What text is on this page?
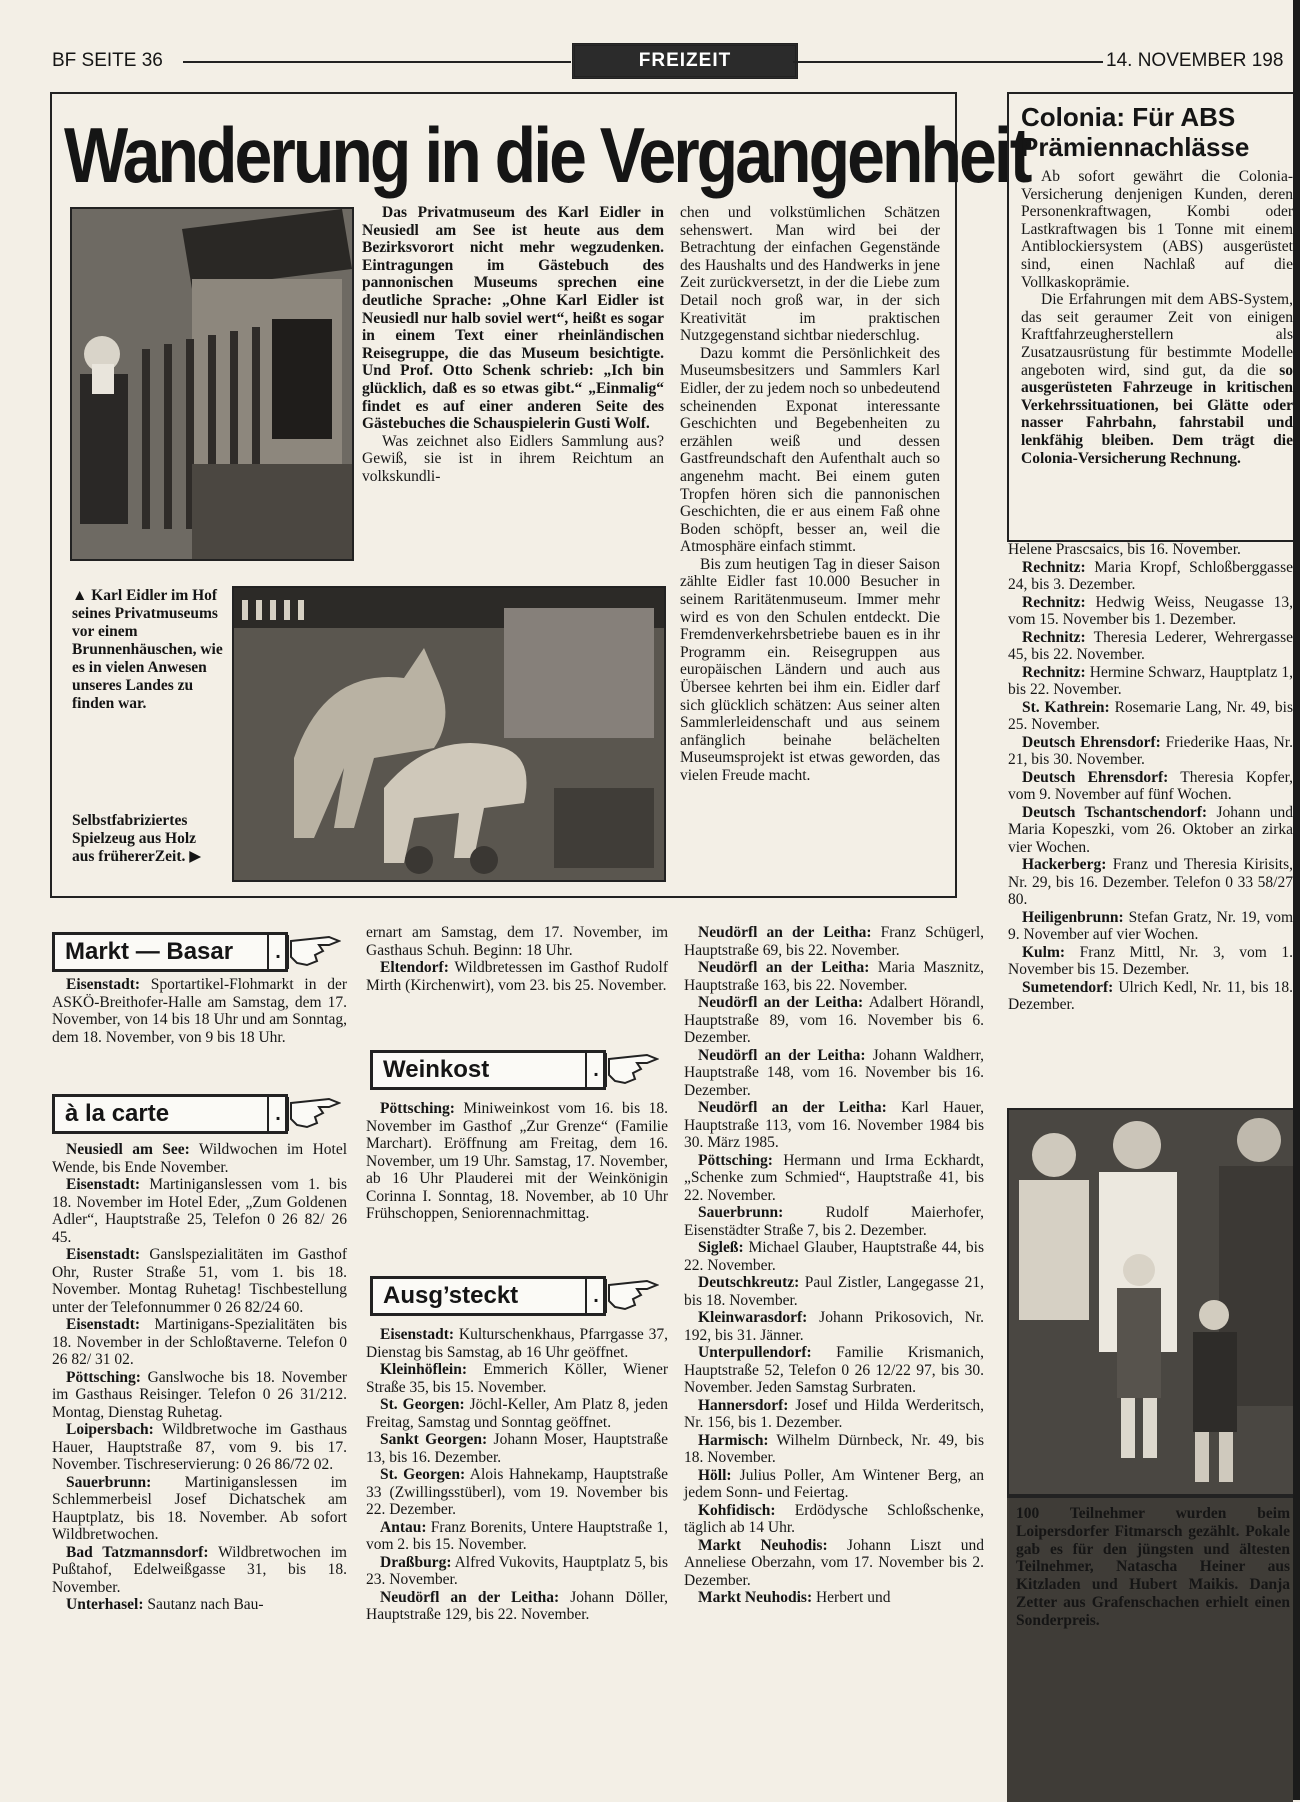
BF SEITE 36	FREIZEIT	14. NOVEMBER 198
Wanderung in die Vergangenheit
▲ Karl Eidler im Hof seines Privatmuseums vor einem Brunnenhäuschen, wie es in vielen Anwesen unseres Landes zu finden war.
Selbstfabriziertes Spielzeug aus Holz aus frühererZeit. ▶

Das Privatmuseum des Karl Eidler in Neusiedl am See ist heute aus dem Bezirksvorort nicht mehr wegzudenken. Eintragungen im Gästebuch des pannonischen Museums sprechen eine deutliche Sprache: „Ohne Karl Eidler ist Neusiedl nur halb soviel wert“, heißt es sogar in einem Text einer rheinländischen Reisegruppe, die das Museum besichtigte. Und Prof. Otto Schenk schrieb: „Ich bin glücklich, daß es so etwas gibt.“ „Einmalig“ findet es auf einer anderen Seite des Gästebuches die Schauspielerin Gusti Wolf.

Was zeichnet also Eidlers Sammlung aus? Gewiß, sie ist in ihrem Reichtum an volkskundli-

chen und volkstümlichen Schätzen sehenswert. Man wird bei der Betrachtung der einfachen Gegenstände des Haushalts und des Handwerks in jene Zeit zurückversetzt, in der die Liebe zum Detail noch groß war, in der sich Kreativität im praktischen Nutzgegenstand sichtbar niederschlug.

Dazu kommt die Persönlichkeit des Museumsbesitzers und Sammlers Karl Eidler, der zu jedem noch so unbedeutend scheinenden Exponat interessante Geschichten und Begebenheiten zu erzählen weiß und dessen Gastfreundschaft den Aufenthalt auch so angenehm macht. Bei einem guten Tropfen hören sich die pannonischen Geschichten, die er aus einem Faß ohne Boden schöpft, besser an, weil die Atmosphäre einfach stimmt.

Bis zum heutigen Tag in dieser Saison zählte Eidler fast 10.000 Besucher in seinem Raritätenmuseum. Immer mehr wird es von den Schulen entdeckt. Die Fremdenverkehrsbetriebe bauen es in ihr Programm ein. Reisegruppen aus europäischen Ländern und auch aus Übersee kehrten bei ihm ein. Eidler darf sich glücklich schätzen: Aus seiner alten Sammlerleidenschaft und aus seinem anfänglich beinahe belächelten Museumsprojekt ist etwas geworden, das vielen Freude macht.

Colonia: Für ABS Prämiennachlässe

Ab sofort gewährt die Colonia-Versicherung denjenigen Kunden, deren Personenkraftwagen, Kombi oder Lastkraftwagen bis 1 Tonne mit einem Antiblockiersystem (ABS) ausgerüstet sind, einen Nachlaß auf die Vollkaskoprämie.

Die Erfahrungen mit dem ABS-System, das seit geraumer Zeit von einigen Kraftfahrzeugherstellern als Zusatzausrüstung für bestimmte Modelle angeboten wird, sind gut, da die so ausgerüsteten Fahrzeuge in kritischen Verkehrssituationen, bei Glätte oder nasser Fahrbahn, fahrstabil und lenkfähig bleiben. Dem trägt die Colonia-Versicherung Rechnung.

Markt — Basar	.

Eisenstadt: Sportartikel-Flohmarkt in der ASKÖ-Breithofer-Halle am Samstag, dem 17. November, von 14 bis 18 Uhr und am Sonntag, dem 18. November, von 9 bis 18 Uhr.

à la carte	.

Neusiedl am See: Wildwochen im Hotel Wende, bis Ende November.

Eisenstadt: Martiniganslessen vom 1. bis 18. November im Hotel Eder, „Zum Goldenen Adler“, Hauptstraße 25, Telefon 0 26 82/ 26 45.

Eisenstadt: Ganslspezialitäten im Gasthof Ohr, Ruster Straße 51, vom 1. bis 18. November. Montag Ruhetag! Tischbestellung unter der Telefonnummer 0 26 82/24 60.

Eisenstadt: Martinigans-Spezialitäten bis 18. November in der Schloßtaverne. Telefon 0 26 82/ 31 02.

Pöttsching: Ganslwoche bis 18. November im Gasthaus Reisinger. Telefon 0 26 31/212. Montag, Dienstag Ruhetag.

Loipersbach: Wildbretwoche im Gasthaus Hauer, Hauptstraße 87, vom 9. bis 17. November. Tischreservierung: 0 26 86/72 02.

Sauerbrunn: Martiniganslessen im Schlemmerbeisl Josef Dichatschek am Hauptplatz, bis 18. November. Ab sofort Wildbretwochen.

Bad Tatzmannsdorf: Wildbretwochen im Pußtahof, Edelweißgasse 31, bis 18. November.

Unterhasel: Sautanz nach Bau-

ernart am Samstag, dem 17. November, im Gasthaus Schuh. Beginn: 18 Uhr.

Eltendorf: Wildbretessen im Gasthof Rudolf Mirth (Kirchenwirt), vom 23. bis 25. November.

Weinkost	.

Pöttsching: Miniweinkost vom 16. bis 18. November im Gasthof „Zur Grenze“ (Familie Marchart). Eröffnung am Freitag, dem 16. November, um 19 Uhr. Samstag, 17. November, ab 16 Uhr Plauderei mit der Weinkönigin Corinna I. Sonntag, 18. November, ab 10 Uhr Frühschoppen, Seniorennachmittag.

Ausg’steckt	.

Eisenstadt: Kulturschenkhaus, Pfarrgasse 37, Dienstag bis Samstag, ab 16 Uhr geöffnet.

Kleinhöflein: Emmerich Köller, Wiener Straße 35, bis 15. November.

St. Georgen: Jöchl-Keller, Am Platz 8, jeden Freitag, Samstag und Sonntag geöffnet.

Sankt Georgen: Johann Moser, Hauptstraße 13, bis 16. Dezember.

St. Georgen: Alois Hahnekamp, Hauptstraße 33 (Zwillingsstüberl), vom 19. November bis 22. Dezember.

Antau: Franz Borenits, Untere Hauptstraße 1, vom 2. bis 15. November.

Draßburg: Alfred Vukovits, Hauptplatz 5, bis 23. November.

Neudörfl an der Leitha: Johann Döller, Hauptstraße 129, bis 22. November.

Neudörfl an der Leitha: Franz Schügerl, Hauptstraße 69, bis 22. November.

Neudörfl an der Leitha: Maria Masznitz, Hauptstraße 163, bis 22. November.

Neudörfl an der Leitha: Adalbert Hörandl, Hauptstraße 89, vom 16. November bis 6. Dezember.

Neudörfl an der Leitha: Johann Waldherr, Hauptstraße 148, vom 16. November bis 16. Dezember.

Neudörfl an der Leitha: Karl Hauer, Hauptstraße 113, vom 16. November 1984 bis 30. März 1985.

Pöttsching: Hermann und Irma Eckhardt, „Schenke zum Schmied“, Hauptstraße 41, bis 22. November.

Sauerbrunn: Rudolf Maierhofer, Eisenstädter Straße 7, bis 2. Dezember.

Sigleß: Michael Glauber, Hauptstraße 44, bis 22. November.

Deutschkreutz: Paul Zistler, Langegasse 21, bis 18. November.

Kleinwarasdorf: Johann Prikosovich, Nr. 192, bis 31. Jänner.

Unterpullendorf: Familie Krismanich, Hauptstraße 52, Telefon 0 26 12/22 97, bis 30. November. Jeden Samstag Surbraten.

Hannersdorf: Josef und Hilda Werderitsch, Nr. 156, bis 1. Dezember.

Harmisch: Wilhelm Dürnbeck, Nr. 49, bis 18. November.

Höll: Julius Poller, Am Wintener Berg, an jedem Sonn- und Feiertag.

Kohfidisch: Erdödysche Schloßschenke, täglich ab 14 Uhr.

Markt Neuhodis: Johann Liszt und Anneliese Oberzahn, vom 17. November bis 2. Dezember.

Markt Neuhodis: Herbert und

Helene Prascsaics, bis 16. November.

Rechnitz: Maria Kropf, Schloßberggasse 24, bis 3. Dezember.

Rechnitz: Hedwig Weiss, Neugasse 13, vom 15. November bis 1. Dezember.

Rechnitz: Theresia Lederer, Wehrergasse 45, bis 22. November.

Rechnitz: Hermine Schwarz, Hauptplatz 1, bis 22. November.

St. Kathrein: Rosemarie Lang, Nr. 49, bis 25. November.

Deutsch Ehrensdorf: Friederike Haas, Nr. 21, bis 30. November.

Deutsch Ehrensdorf: Theresia Kopfer, vom 9. November auf fünf Wochen.

Deutsch Tschantschendorf: Johann und Maria Kopeszki, vom 26. Oktober an zirka vier Wochen.

Hackerberg: Franz und Theresia Kirisits, Nr. 29, bis 16. Dezember. Telefon 0 33 58/27 80.

Heiligenbrunn: Stefan Gratz, Nr. 19, vom 9. November auf vier Wochen.

Kulm: Franz Mittl, Nr. 3, vom 1. November bis 15. Dezember.

Sumetendorf: Ulrich Kedl, Nr. 11, bis 18. Dezember.

100 Teilnehmer wurden beim Loipersdorfer Fitmarsch gezählt. Pokale gab es für den jüngsten und ältesten Teilnehmer, Natascha Heiner aus Kitzladen und Hubert Maikis. Danja Zetter aus Grafenschachen erhielt einen Sonderpreis.
